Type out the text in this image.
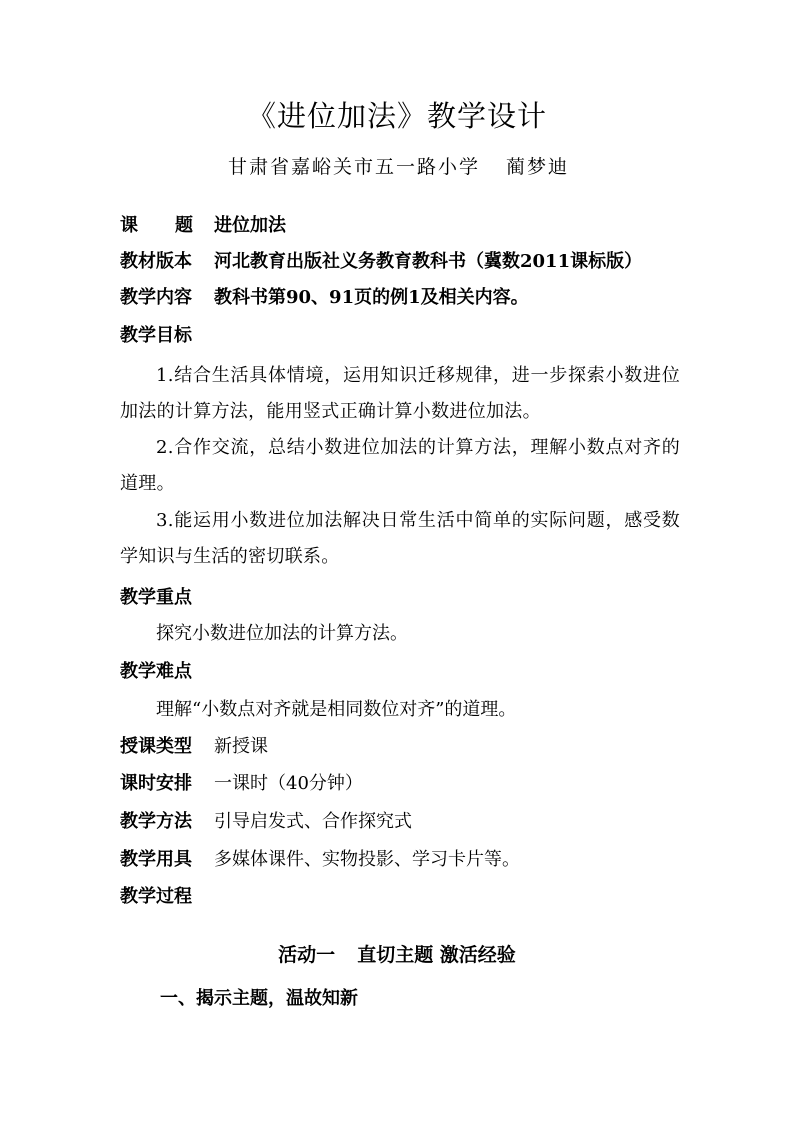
《进位加法》教学设计
甘肃省嘉峪关市五一路小学 蔺梦迪
课 题 进位加法
教材版本 河北教育出版社义务教育教科书（冀数2011课标版）
教学内容 教科书第90、91页的例1及相关内容。
教学目标
1.结合生活具体情境，运用知识迁移规律，进一步探索小数进位加法的计算方法，能用竖式正确计算小数进位加法。
2.合作交流，总结小数进位加法的计算方法，理解小数点对齐的道理。
3.能运用小数进位加法解决日常生活中简单的实际问题，感受数学知识与生活的密切联系。
教学重点
探究小数进位加法的计算方法。
教学难点
理解“小数点对齐就是相同数位对齐”的道理。
授课类型 新授课
课时安排 一课时（40分钟）
教学方法 引导启发式、合作探究式
教学用具 多媒体课件、实物投影、学习卡片等。
教学过程
活动一 直切主题 激活经验
一、揭示主题，温故知新
